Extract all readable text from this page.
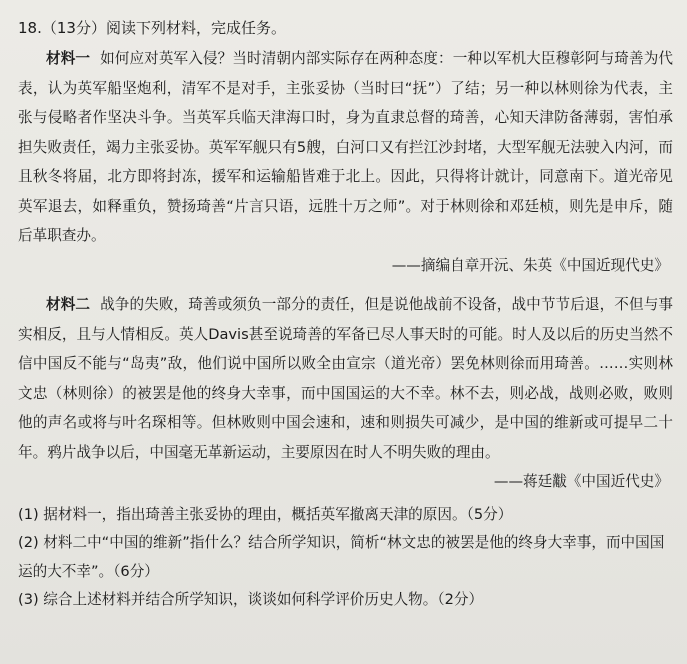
18.（13分）阅读下列材料，完成任务。

材料一 如何应对英军入侵？当时清朝内部实际存在两种态度：一种以军机大臣穆彰阿与琦善为代表，认为英军船坚炮利，清军不是对手，主张妥协（当时曰“抚”）了结；另一种以林则徐为代表，主张与侵略者作坚决斗争。当英军兵临天津海口时，身为直隶总督的琦善，心知天津防备薄弱，害怕承担失败责任，竭力主张妥协。英军军舰只有5艘，白河口又有拦江沙封堵，大型军舰无法驶入内河，而且秋冬将届，北方即将封冻，援军和运输船皆难于北上。因此，只得将计就计，同意南下。道光帝见英军退去，如释重负，赞扬琦善“片言只语，远胜十万之师”。对于林则徐和邓廷桢，则先是申斥，随后革职查办。

——摘编自章开沅、朱英《中国近现代史》

材料二 战争的失败，琦善或须负一部分的责任，但是说他战前不设备，战中节节后退，不但与事实相反，且与人情相反。英人Davis甚至说琦善的军备已尽人事天时的可能。时人及以后的历史当然不信中国反不能与“岛夷”敌，他们说中国所以败全由宣宗（道光帝）罢免林则徐而用琦善。……实则林文忠（林则徐）的被罢是他的终身大幸事，而中国国运的大不幸。林不去，则必战，战则必败，败则他的声名或将与叶名琛相等。但林败则中国会速和，速和则损失可减少，是中国的维新或可提早二十年。鸦片战争以后，中国毫无革新运动，主要原因在时人不明失败的理由。

——蒋廷黻《中国近代史》

(1) 据材料一，指出琦善主张妥协的理由，概括英军撤离天津的原因。（5分）

(2) 材料二中“中国的维新”指什么？结合所学知识，简析“林文忠的被罢是他的终身大幸事，而中国国运的大不幸”。（6分）

(3) 综合上述材料并结合所学知识，谈谈如何科学评价历史人物。（2分）
